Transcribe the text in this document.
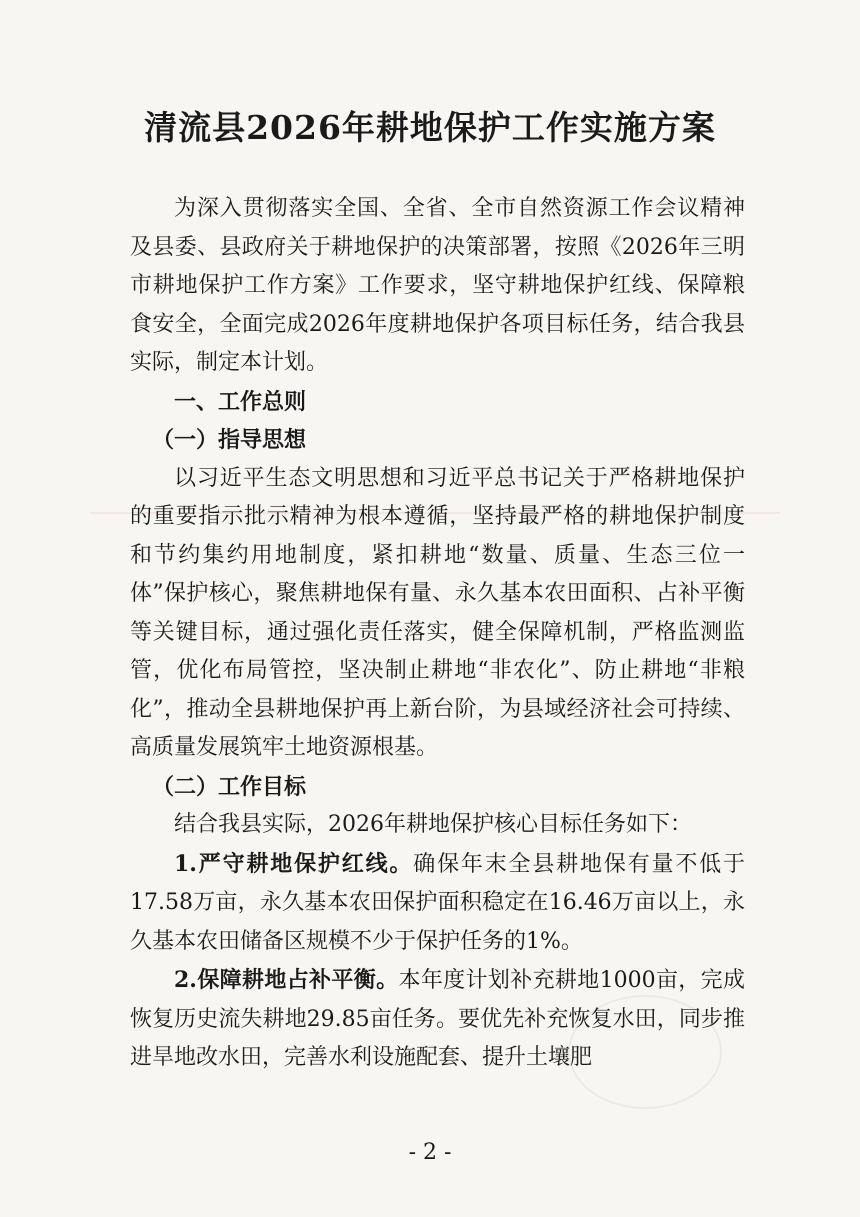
清流县2026年耕地保护工作实施方案

为深入贯彻落实全国、全省、全市自然资源工作会议精神及县委、县政府关于耕地保护的决策部署，按照《2026年三明市耕地保护工作方案》工作要求，坚守耕地保护红线、保障粮食安全，全面完成2026年度耕地保护各项目标任务，结合我县实际，制定本计划。

一、工作总则

（一）指导思想

以习近平生态文明思想和习近平总书记关于严格耕地保护的重要指示批示精神为根本遵循，坚持最严格的耕地保护制度和节约集约用地制度，紧扣耕地“数量、质量、生态三位一体”保护核心，聚焦耕地保有量、永久基本农田面积、占补平衡等关键目标，通过强化责任落实，健全保障机制，严格监测监管，优化布局管控，坚决制止耕地“非农化”、防止耕地“非粮化”，推动全县耕地保护再上新台阶，为县域经济社会可持续、高质量发展筑牢土地资源根基。

（二）工作目标

结合我县实际，2026年耕地保护核心目标任务如下：

1.严守耕地保护红线。确保年末全县耕地保有量不低于17.58万亩，永久基本农田保护面积稳定在16.46万亩以上，永久基本农田储备区规模不少于保护任务的1%。

2.保障耕地占补平衡。本年度计划补充耕地1000亩，完成恢复历史流失耕地29.85亩任务。要优先补充恢复水田，同步推进旱地改水田，完善水利设施配套、提升土壤肥

- 2 -
